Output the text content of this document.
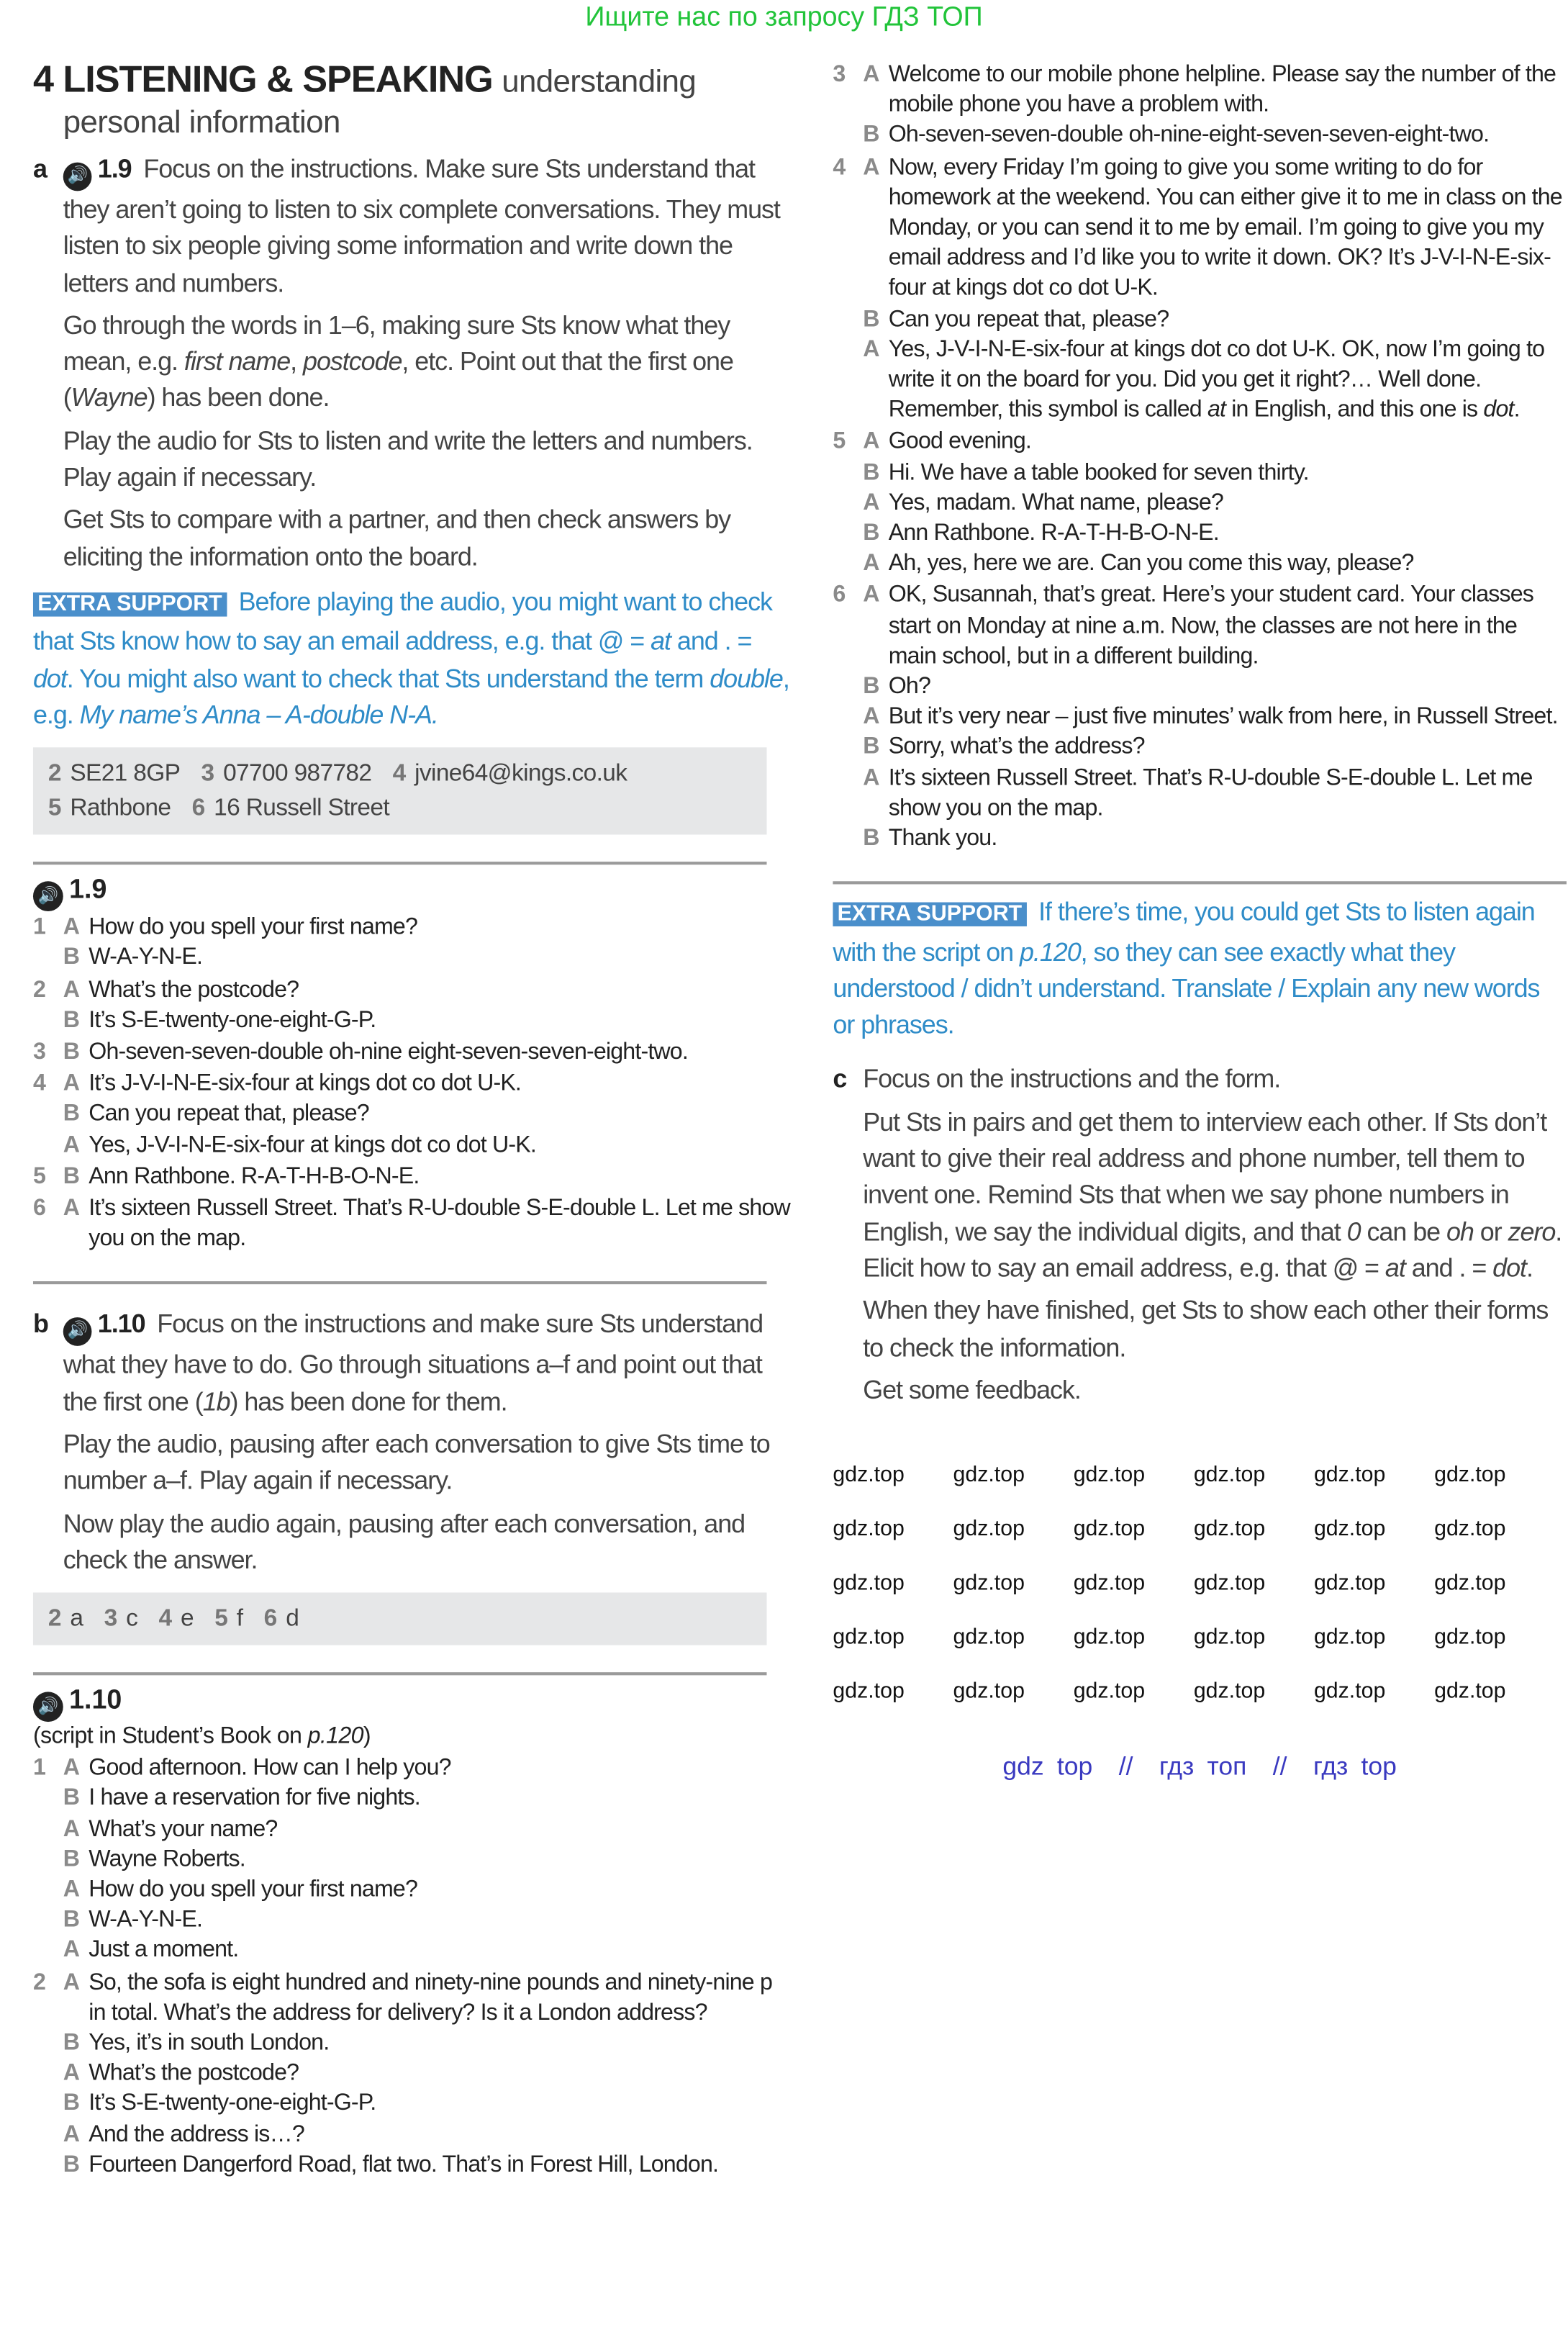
Ищите нас по запросу ГДЗ ТОП
4 LISTENING & SPEAKING understanding
personal information

a	🔊 1.9 Focus on the instructions. Make sure Sts understand that they aren’t going to listen to six complete conversations. They must listen to six people giving some information and write down the letters and numbers.

Go through the words in 1–6, making sure Sts know what they mean, e.g. first name, postcode, etc. Point out that the first one (Wayne) has been done.

Play the audio for Sts to listen and write the letters and numbers. Play again if necessary.

Get Sts to compare with a partner, and then check answers by eliciting the information onto the board.

EXTRA SUPPORT Before playing the audio, you might want to check that Sts know how to say an email address, e.g. that @ = at and . = dot. You might also want to check that Sts understand the term double, e.g. My name’s Anna – A-double N-A.

2 SE21 8GP 3 07700 987782 4 jvine64@kings.co.uk
5 Rathbone 6 16 Russell Street
🔊 1.9
1	A How do you spell your first name?
B W-A-Y-N-E.
2	A What’s the postcode?
B It’s S-E-twenty-one-eight-G-P.
3	B Oh-seven-seven-double oh-nine eight-seven-seven-eight-two.
4	A It’s J-V-I-N-E-six-four at kings dot co dot U-K.
B Can you repeat that, please?
A Yes, J-V-I-N-E-six-four at kings dot co dot U-K.
5	B Ann Rathbone. R-A-T-H-B-O-N-E.
6	A It’s sixteen Russell Street. That’s R-U-double S-E-double L. Let me show you on the map.

b 🔊 1.10 Focus on the instructions and make sure Sts understand what they have to do. Go through situations a–f and point out that the first one (1b) has been done for them.

Play the audio, pausing after each conversation to give Sts time to number a–f. Play again if necessary.

Now play the audio again, pausing after each conversation, and check the answer.

2 a 3 c 4 e 5 f 6 d
🔊 1.10
(script in Student’s Book on p.120)
1	A Good afternoon. How can I help you?
B I have a reservation for five nights.
A What’s your name?
B Wayne Roberts.
A How do you spell your first name?
B W-A-Y-N-E.
A Just a moment.
2	A So, the sofa is eight hundred and ninety-nine pounds and ninety-nine p in total. What’s the address for delivery? Is it a London address?
B Yes, it’s in south London.
A What’s the postcode?
B It’s S-E-twenty-one-eight-G-P.
A And the address is…?
B Fourteen Dangerford Road, flat two. That’s in Forest Hill, London.
3	A Welcome to our mobile phone helpline. Please say the number of the mobile phone you have a problem with.
B Oh-seven-seven-double oh-nine-eight-seven-seven-eight-two.
4	A Now, every Friday I’m going to give you some writing to do for homework at the weekend. You can either give it to me in class on the Monday, or you can send it to me by email. I’m going to give you my email address and I’d like you to write it down. OK? It’s J-V-I-N-E-six-four at kings dot co dot U-K.
B Can you repeat that, please?
A Yes, J-V-I-N-E-six-four at kings dot co dot U-K. OK, now I’m going to write it on the board for you. Did you get it right?… Well done. Remember, this symbol is called at in English, and this one is dot.
5	A Good evening.
B Hi. We have a table booked for seven thirty.
A Yes, madam. What name, please?
B Ann Rathbone. R-A-T-H-B-O-N-E.
A Ah, yes, here we are. Can you come this way, please?
6	A OK, Susannah, that’s great. Here’s your student card. Your classes start on Monday at nine a.m. Now, the classes are not here in the main school, but in a different building.
B Oh?
A But it’s very near – just five minutes’ walk from here, in Russell Street.
B Sorry, what’s the address?
A It’s sixteen Russell Street. That’s R-U-double S-E-double L. Let me show you on the map.
B Thank you.

EXTRA SUPPORT If there’s time, you could get Sts to listen again with the script on p.120, so they can see exactly what they understood / didn’t understand. Translate / Explain any new words or phrases.

c Focus on the instructions and the form.

Put Sts in pairs and get them to interview each other. If Sts don’t want to give their real address and phone number, tell them to invent one. Remind Sts that when we say phone numbers in English, we say the individual digits, and that 0 can be oh or zero. Elicit how to say an email address, e.g. that @ = at and . = dot.

When they have finished, get Sts to show each other their forms to check the information.

Get some feedback.

gdz.top	gdz.top	gdz.top	gdz.top	gdz.top	gdz.top
gdz.top	gdz.top	gdz.top	gdz.top	gdz.top	gdz.top
gdz.top	gdz.top	gdz.top	gdz.top	gdz.top	gdz.top
gdz.top	gdz.top	gdz.top	gdz.top	gdz.top	gdz.top
gdz.top	gdz.top	gdz.top	gdz.top	gdz.top	gdz.top
gdz top  //  гдз топ  //  гдз top
